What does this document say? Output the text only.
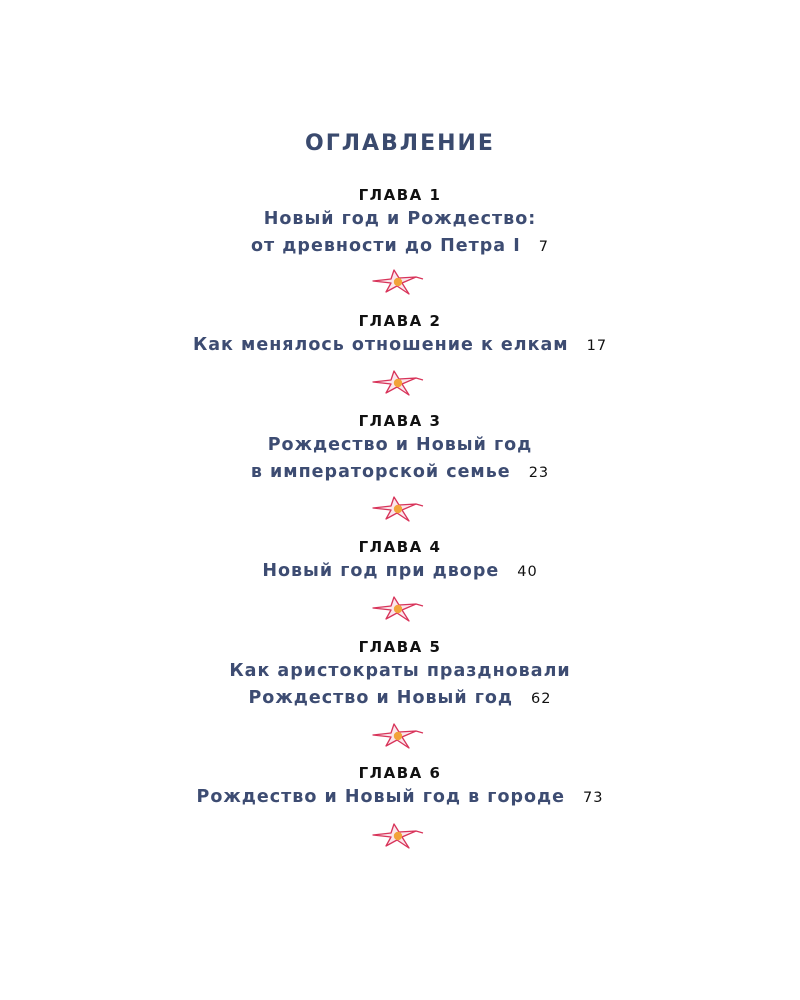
ОГЛАВЛЕНИЕ
ГЛАВА 1
Новый год и Рождество:
от древности до Петра I 7
ГЛАВА 2
Как менялось отношение к елкам 17
ГЛАВА 3
Рождество и Новый год
в императорской семье 23
ГЛАВА 4
Новый год при дворе 40
ГЛАВА 5
Как аристократы праздновали
Рождество и Новый год 62
ГЛАВА 6
Рождество и Новый год в городе 73
